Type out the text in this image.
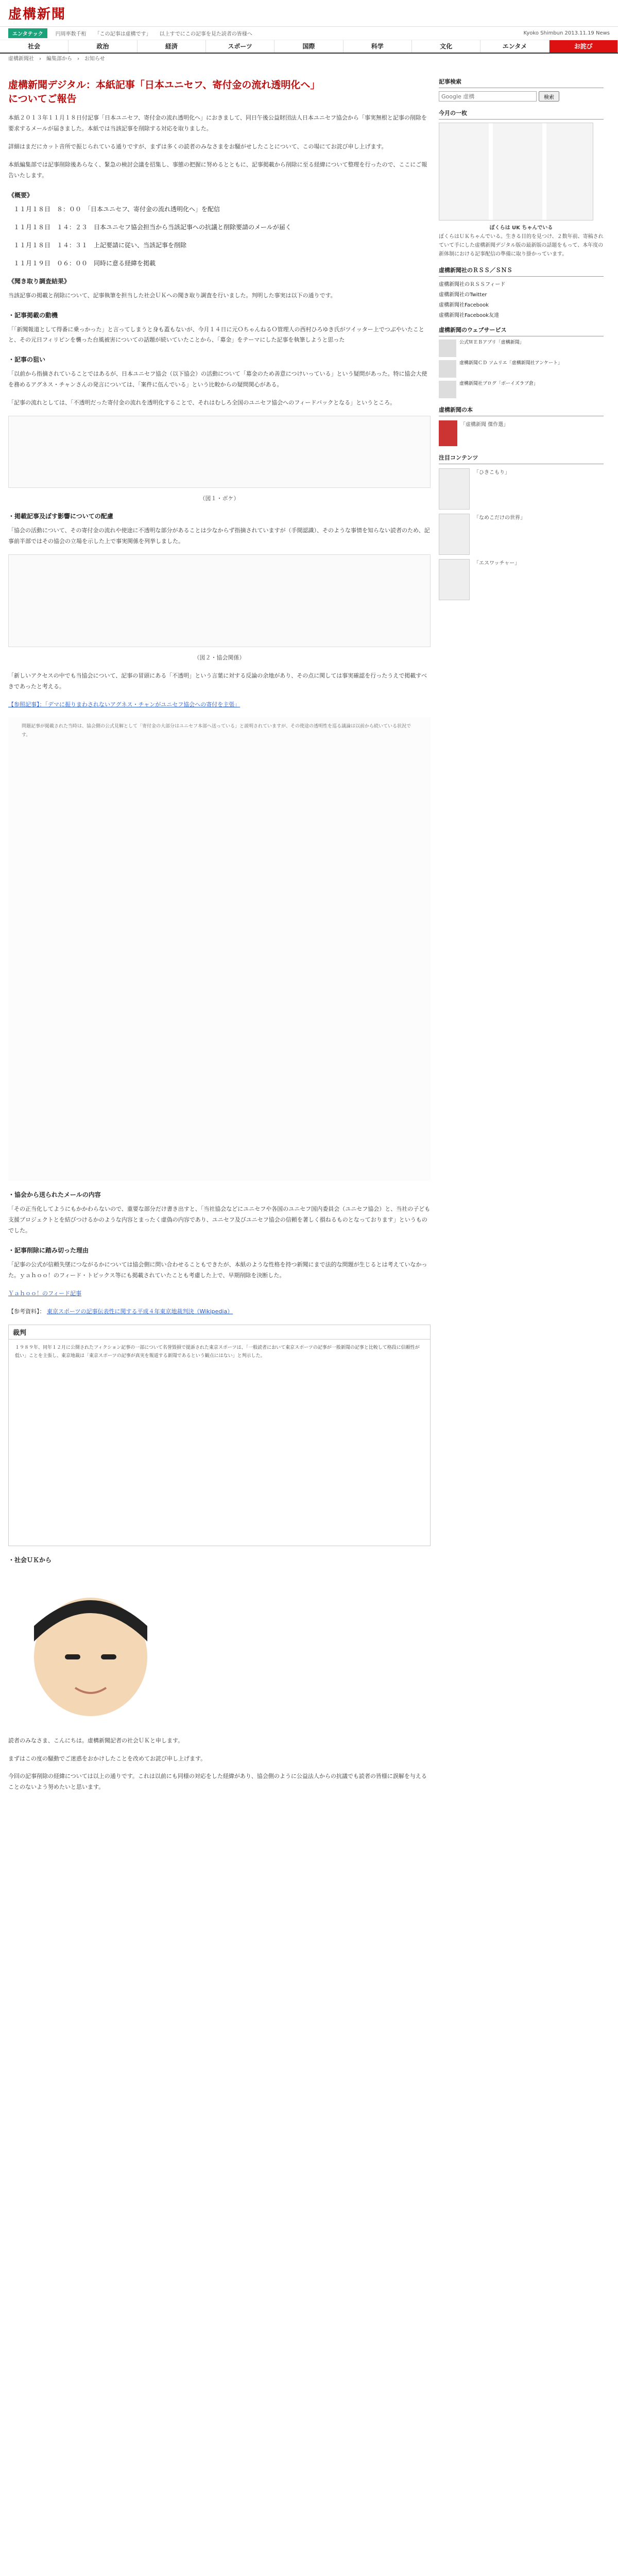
虚構新聞
エンタテック	円周率数千桁 「この記事は虚構です」 以上すでにこの記事を見た読者の皆様へ	Kyoko Shimbun 2013.11.19 News
社会	政治	経済	スポーツ	国際	科学	文化	エンタメ	お詫び
虚構新聞社 › 編集部から › お知らせ
虚構新聞デジタル：本紙記事「日本ユニセフ、寄付金の流れ透明化へ」についてご報告

本紙２０１３年１１月１８日付記事「日本ユニセフ、寄付金の流れ透明化へ」におきまして、同日午後公益財団法人日本ユニセフ協会から「事実無根と記事の削除を要求するメールが届きました。本紙では当該記事を削除する対応を取りました。

詳細はまだにカット音所で振じられている通りですが、まずは多くの読者のみなさまをお騒がせしたことについて、この場にてお詫び申し上げます。

本紙編集部では記事削除後あらなく、緊急の検討会議を招集し、事態の把握に努めるとともに、記事掲載から削除に至る経緯について整理を行ったので、ここにご報告いたします。

《概要》
１１月１８日　８：００　「日本ユニセフ、寄付金の流れ透明化へ」を配信
１１月１８日　１４：２３　日本ユニセフ協会担当から当該記事への抗議と削除要請のメールが届く
１１月１８日　１４：３１　上記要請に従い、当該記事を削除
１１月１９日　０６：００　同時に意る経緯を掲載
《聞き取り調査結果》

当該記事の掲載と削除について、記事執筆を担当した社会ＵＫへの聞き取り調査を行いました。判明した事実は以下の通りです。

・記事掲載の動機

「「新聞報道として得番に乗っかった」と言ってしまうと身も蓋もないが、今月１４日に元ＯちゃんねるＯ管理人の西村ひろゆき氏がツイッター上でつぶやいたことと、その元日フィリピンを襲った台風被害についての話題が続いていたことから、「募金」をテーマにした記事を執筆しようと思った

・記事の狙い

「以前から指摘されていることではあるが、日本ユニセフ協会（以下協会）の活動について「募金のため善意につけいっている」という疑問があった。特に協会大使を務めるアグネス・チャンさんの発言については、「案件に伍んでいる」という比較からの疑問関心がある。

「記事の流れとしては、「不透明だった寄付金の流れを透明化することで、それはむしろ全国のユニセフ協会へのフィードバックとなる」というところ。

（図１・ボケ）
・掲載記事及ぼす影響についての配慮

「協会の活動について、その寄付金の流れや使途に不透明な部分があることは少なからず指摘されていますが（手間認識）、そのような事情を知らない読者のため、記事前半部ではその協会の立場を示した上で事実関係を列挙しました。

（図２・協会関係）

「新しいアクセスの中でも当協会について、記事の冒頭にある「不透明」という言葉に対する反論の余地があり、その点に関しては事実確認を行ったうえで掲載すべきであったと考える。

【参照記事】：「デマに振りまわされないアグネス・チャンがユニセフ協会への寄付を主張」

問題記事が掲載された当時は、協会側の公式見解として「寄付金の大部分はユニセフ本部へ送っている」と説明されていますが、その使途の透明性を巡る議論は以前から続いている状況です。

・協会から送られたメールの内容

「その正当化してようにもかかわらないので、重要な部分だけ書き出すと、「当社協会などにユニセフや各国のユニセフ国内委員会（ユニセフ協会）と、当社の子ども支援プロジェクトとを結びつけるかのような内容とまったく虚偽の内容であり、ユニセフ及びユニセフ協会の信頼を著しく損ねるものとなっております」というものでした。

・記事削除に踏み切った理由

「記事の公式が信頼失墜につながるかについては協会側に問い合わせることもできたが、本紙のような性格を持つ新聞にまで法的な問題が生じるとは考えていなかった。ｙａｈｏｏ！のフィード・トピックス等にも掲載されていたことも考慮した上で、早期削除を決断した。

Ｙａｈｏｏ！のフィード記事

【参考資料】： 東京スポーツの記事伝表性に関する平成４年東京地裁判決（Wikipedia）

裁判
１９８９年、同年１２月に公開されたフィクション記事の一部について名誉毀損で提訴された東京スポーツは、「一般読者において東京スポーツの記事が一般新聞の記事と比較して格段に信頼性が低い」ことを主張し、東京地裁は「東京スポーツの記事が真実を報道する新聞であるという観点にはない」と判示した。
・社会ＵＫから

読者のみなさま、こんにちは。虚構新聞記者の社会ＵＫと申します。

まずはこの度の騒動でご迷惑をおかけしたことを改めてお詫び申し上げます。

今回の記事削除の経緯については以上の通りです。これは以前にも同様の対応をした経緯があり、協会側のように公益法人からの抗議でも読者の皆様に誤解を与えることのないよう努めたいと思います。

記事検索
Google 虚構
検索
今月の一枚
ぼくらは UK ちゃんでいる
ぼくらはＵＫちゃんでいる。生きる目的を見つけ、２数年前、寄稿されていて手にした虚構新聞デジタル版の最新版の話題をもって、本年度の新体制における記事配信の準備に取り掛かっています。
虚構新聞社のＲＳＳ／ＳＮＳ
虚構新聞社のＲＳＳフィード
虚構新聞社のTwitter
虚構新聞社Facebook
虚構新聞社Facebook友達
虚構新聞のウェブサービス
公式ＷＥＢアプリ「虚構新聞」
虚構新聞ＣＤ ソムリエ「虚構新聞社アンケート」
虚構新聞社ブログ「ボーイズラブ倉」
虚構新聞の本
「虚構新聞 傑作選」
注目コンテンツ
「ひきこもり」
「なめこだけの世界」
「エスワッチャー」
